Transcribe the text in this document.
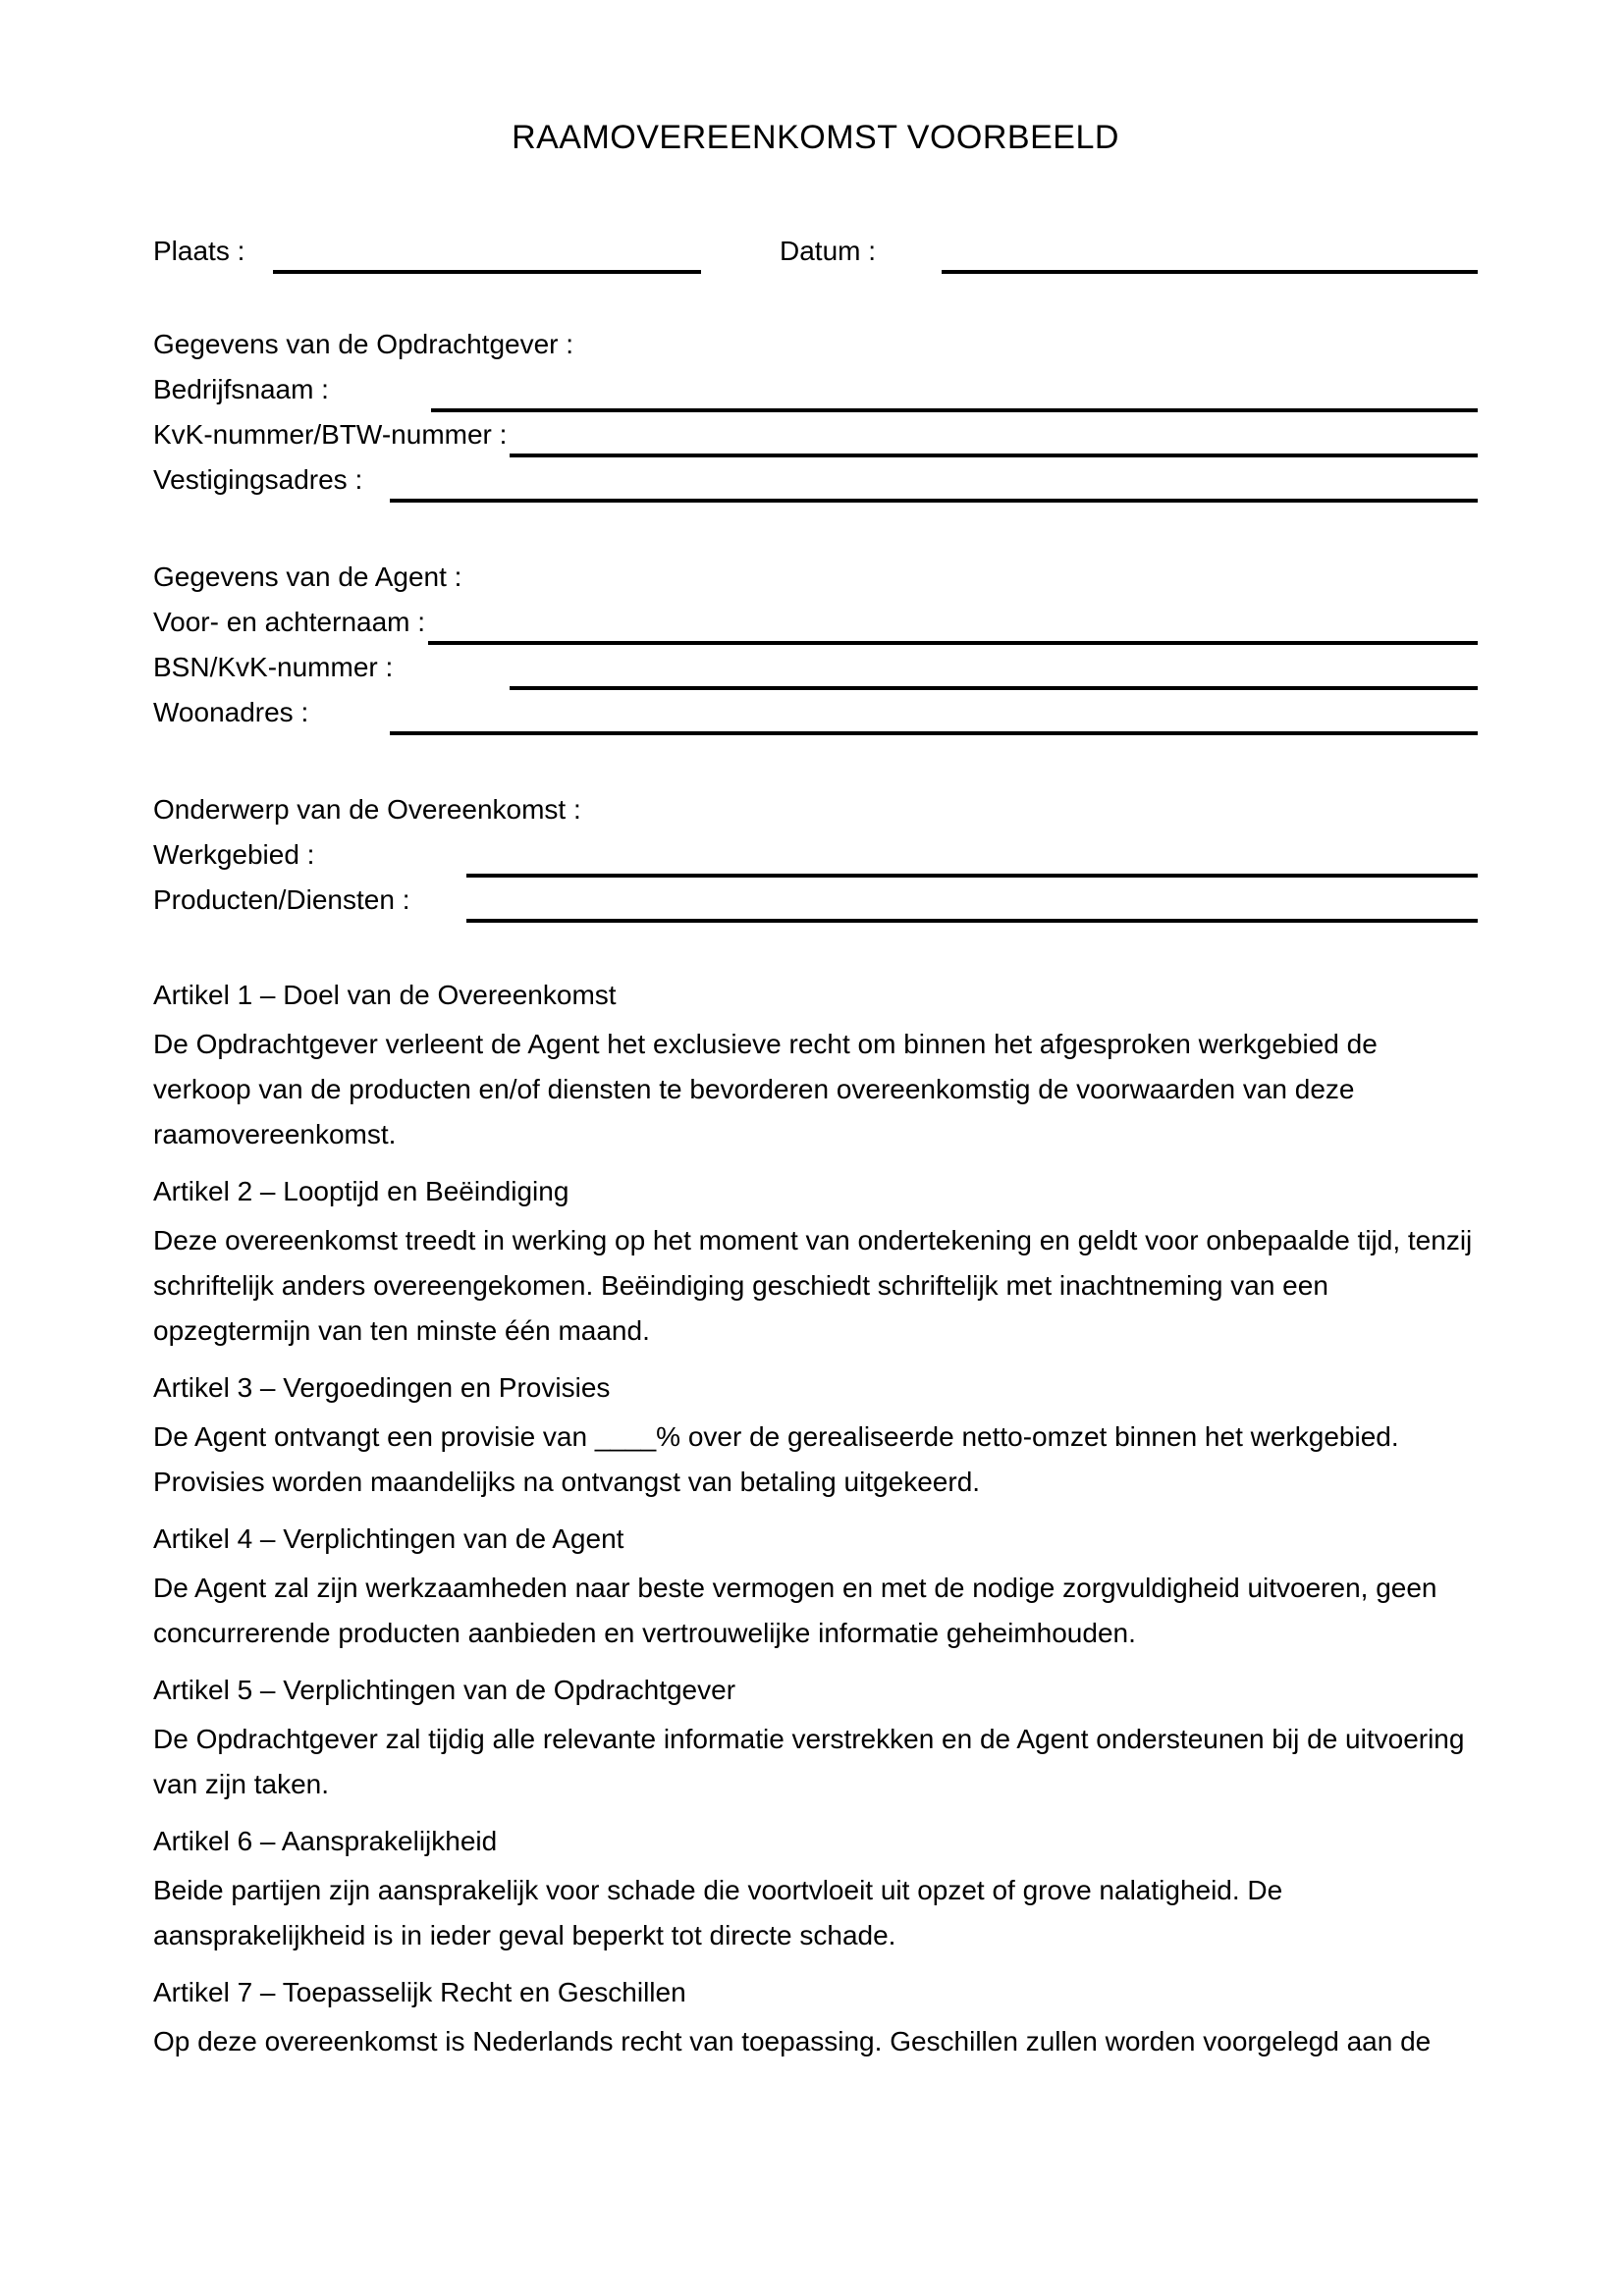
RAAMOVEREENKOMST VOORBEELD
Plaats :	Datum :
Gegevens van de Opdrachtgever :
Bedrijfsnaam :
KvK-nummer/BTW-nummer :
Vestigingsadres :
Gegevens van de Agent :
Voor- en achternaam :
BSN/KvK-nummer :
Woonadres :
Onderwerp van de Overeenkomst :
Werkgebied :
Producten/Diensten :
Artikel 1 – Doel van de Overeenkomst
De Opdrachtgever verleent de Agent het exclusieve recht om binnen het afgesproken werkgebied de
verkoop van de producten en/of diensten te bevorderen overeenkomstig de voorwaarden van deze
raamovereenkomst.
Artikel 2 – Looptijd en Beëindiging
Deze overeenkomst treedt in werking op het moment van ondertekening en geldt voor onbepaalde tijd, tenzij
schriftelijk anders overeengekomen. Beëindiging geschiedt schriftelijk met inachtneming van een
opzegtermijn van ten minste één maand.
Artikel 3 – Vergoedingen en Provisies
De Agent ontvangt een provisie van ____% over de gerealiseerde netto-omzet binnen het werkgebied.
Provisies worden maandelijks na ontvangst van betaling uitgekeerd.
Artikel 4 – Verplichtingen van de Agent
De Agent zal zijn werkzaamheden naar beste vermogen en met de nodige zorgvuldigheid uitvoeren, geen
concurrerende producten aanbieden en vertrouwelijke informatie geheimhouden.
Artikel 5 – Verplichtingen van de Opdrachtgever
De Opdrachtgever zal tijdig alle relevante informatie verstrekken en de Agent ondersteunen bij de uitvoering
van zijn taken.
Artikel 6 – Aansprakelijkheid
Beide partijen zijn aansprakelijk voor schade die voortvloeit uit opzet of grove nalatigheid. De
aansprakelijkheid is in ieder geval beperkt tot directe schade.
Artikel 7 – Toepasselijk Recht en Geschillen
Op deze overeenkomst is Nederlands recht van toepassing. Geschillen zullen worden voorgelegd aan de
